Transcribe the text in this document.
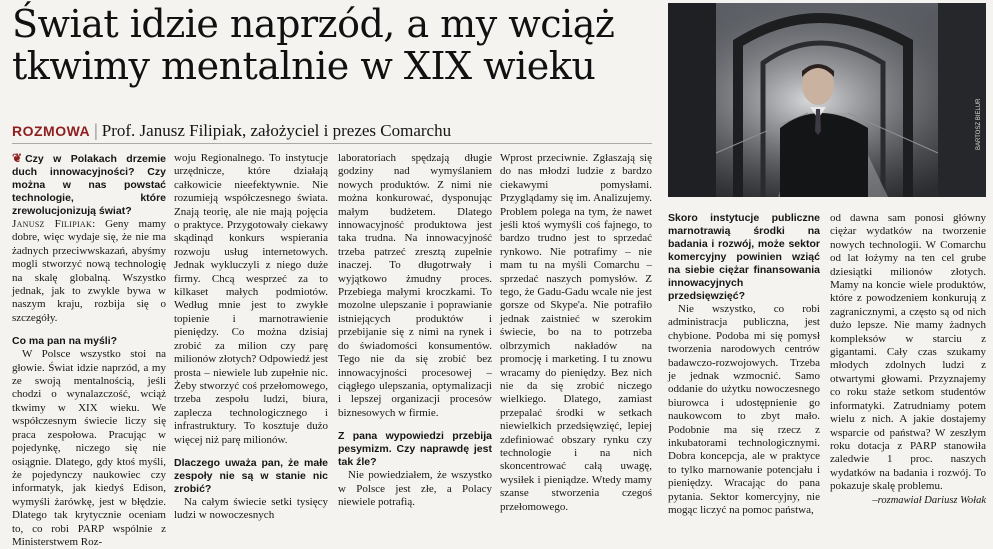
Świat idzie naprzód, a my wciąż
tkwimy mentalnie w XIX wieku
ROZMOWA | Prof. Janusz Filipiak, założyciel i prezes Comarchu

❦ Czy w Polakach drzemie duch innowacyjności? Czy można w nas powstać technologie, które zrewolucjonizują świat?

Janusz Filipiak: Geny mamy dobre, więc wydaje się, że nie ma żadnych przeciwwskazań, abyśmy mogli stworzyć nową technologię na skalę globalną. Wszystko jednak, jak to zwykle bywa w naszym kraju, rozbija się o szczegóły.

Co ma pan na myśli?

W Polsce wszystko stoi na głowie. Świat idzie naprzód, a my ze swoją mentalnością, jeśli chodzi o wynalazczość, wciąż tkwimy w XIX wieku. We współczesnym świecie liczy się praca zespołowa. Pracując w pojedynkę, niczego się nie osiągnie. Dlatego, gdy ktoś myśli, że pojedynczy naukowiec czy informatyk, jak kiedyś Edison, wymyśli żarówkę, jest w błędzie. Dlatego tak krytycznie oceniam to, co robi PARP wspólnie z Ministerstwem Roz-

woju Regionalnego. To instytucje urzędnicze, które działają całkowicie nieefektywnie. Nie rozumieją współczesnego świata. Znają teorię, ale nie mają pojęcia o praktyce. Przygotowały ciekawy skądinąd konkurs wspierania rozwoju usług internetowych. Jednak wykluczyli z niego duże firmy. Chcą wesprzeć za to kilkaset małych podmiotów. Według mnie jest to zwykłe topienie i marnotrawienie pieniędzy. Co można dzisiaj zrobić za milion czy parę milionów złotych? Odpowiedź jest prosta – niewiele lub zupełnie nic. Żeby stworzyć coś przełomowego, trzeba zespołu ludzi, biura, zaplecza technologicznego i infrastruktury. To kosztuje dużo więcej niż parę milionów.

Dlaczego uważa pan, że małe zespoły nie są w stanie nic zrobić?

Na całym świecie setki tysięcy ludzi w nowoczesnych

laboratoriach spędzają długie godziny nad wymyślaniem nowych produktów. Z nimi nie można konkurować, dysponując małym budżetem. Dlatego innowacyjność produktowa jest taka trudna. Na innowacyjność trzeba patrzeć zresztą zupełnie inaczej. To długotrwały i wyjątkowo żmudny proces. Przebiega małymi kroczkami. To mozolne ulepszanie i poprawianie istniejących produktów i przebijanie się z nimi na rynek i do świadomości konsumentów. Tego nie da się zrobić bez innowacyjności procesowej – ciągłego ulepszania, optymalizacji i lepszej organizacji procesów biznesowych w firmie.

Z pana wypowiedzi przebija pesymizm. Czy naprawdę jest tak źle?

Nie powiedziałem, że wszystko w Polsce jest złe, a Polacy niewiele potrafią.

Wprost przeciwnie. Zgłaszają się do nas młodzi ludzie z bardzo ciekawymi pomysłami. Przyglądamy się im. Analizujemy. Problem polega na tym, że nawet jeśli ktoś wymyśli coś fajnego, to bardzo trudno jest to sprzedać rynkowo. Nie potrafimy – nie mam tu na myśli Comarchu – sprzedać naszych pomysłów. Z tego, że Gadu-Gadu wcale nie jest gorsze od Skype'a. Nie potrafiło jednak zaistnieć w szerokim świecie, bo na to potrzeba olbrzymich nakładów na promocję i marketing. I tu znowu wracamy do pieniędzy. Bez nich nie da się zrobić niczego wielkiego. Dlatego, zamiast przepalać środki w setkach niewielkich przedsięwzięć, lepiej zdefiniować obszary rynku czy technologie i na nich skoncentrować całą uwagę, wysiłek i pieniądze. Wtedy mamy szanse stworzenia czegoś przełomowego.

BARTOSZ BIELUR

Skoro instytucje publiczne marnotrawią środki na badania i rozwój, może sektor komercyjny powinien wziąć na siebie ciężar finansowania innowacyjnych przedsięwzięć?

Nie wszystko, co robi administracja publiczna, jest chybione. Podoba mi się pomysł tworzenia narodowych centrów badawczo-rozwojowych. Trzeba je jednak wzmocnić. Samo oddanie do użytku nowoczesnego biurowca i udostępnienie go naukowcom to zbyt mało. Podobnie ma się rzecz z inkubatorami technologicznymi. Dobra koncepcja, ale w praktyce to tylko marnowanie potencjału i pieniędzy. Wracając do pana pytania. Sektor komercyjny, nie mogąc liczyć na pomoc państwa,

od dawna sam ponosi główny ciężar wydatków na tworzenie nowych technologii. W Comarchu od lat łożymy na ten cel grube dziesiątki milionów złotych. Mamy na koncie wiele produktów, które z powodzeniem konkurują z zagranicznymi, a często są od nich dużo lepsze. Nie mamy żadnych kompleksów w starciu z gigantami. Cały czas szukamy młodych zdolnych ludzi z otwartymi głowami. Przyznajemy co roku staże setkom studentów informatyki. Zatrudniamy potem wielu z nich. A jakie dostajemy wsparcie od państwa? W zeszłym roku dotacja z PARP stanowiła zaledwie 1 proc. naszych wydatków na badania i rozwój. To pokazuje skalę problemu.

–rozmawiał Dariusz Wołak
